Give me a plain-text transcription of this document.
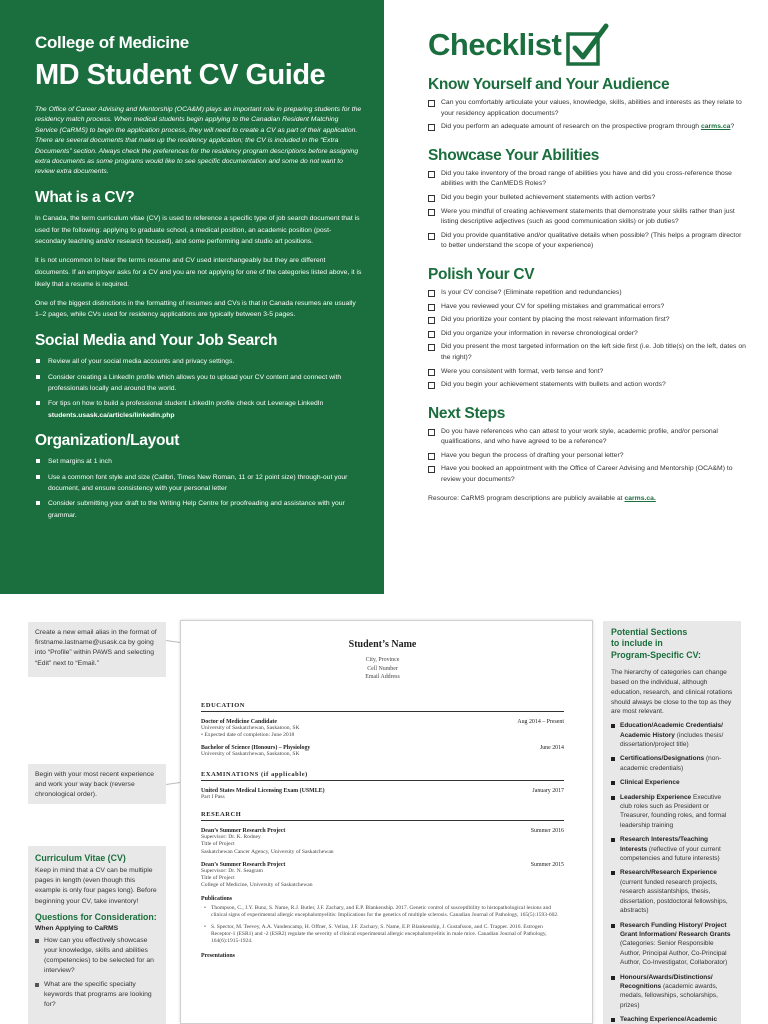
College of Medicine
MD Student CV Guide

The Office of Career Advising and Mentorship (OCA&M) plays an important role in preparing students for the residency match process. When medical students begin applying to the Canadian Resident Matching Service (CaRMS) to begin the application process, they will need to create a CV as part of their application. There are several documents that make up the residency application; the CV is included in the “Extra Documents” section. Always check the preferences for the residency program descriptions before assigning extra documents as some programs would like to see specific documentation and some do not want to review extra documents.

What is a CV?

In Canada, the term curriculum vitae (CV) is used to reference a specific type of job search document that is used for the following: applying to graduate school, a medical position, an academic position (post-secondary teaching and/or research focused), and some performing and studio art positions.

It is not uncommon to hear the terms resume and CV used interchangeably but they are different documents. If an employer asks for a CV and you are not applying for one of the categories listed above, it is likely that a resume is required.

One of the biggest distinctions in the formatting of resumes and CVs is that in Canada resumes are usually 1–2 pages, while CVs used for residency applications are typically between 3-5 pages.

Social Media and Your Job Search
Review all of your social media accounts and privacy settings.
Consider creating a LinkedIn profile which allows you to upload your CV content and connect with professionals locally and around the world.
For tips on how to build a professional student LinkedIn profile check out Leverage LinkedIn students.usask.ca/articles/linkedin.php
Organization/Layout
Set margins at 1 inch
Use a common font style and size (Calibri, Times New Roman, 11 or 12 point size) through-out your document, and ensure consistency with your personal letter
Consider submitting your draft to the Writing Help Centre for proofreading and assistance with your grammar.
Checklist
Know Yourself and Your Audience
Can you comfortably articulate your values, knowledge, skills, abilities and interests as they relate to your residency application documents?
Did you perform an adequate amount of research on the prospective program through carms.ca?
Showcase Your Abilities
Did you take inventory of the broad range of abilities you have and did you cross-reference those abilities with the CanMEDS Roles?
Did you begin your bulleted achievement statements with action verbs?
Were you mindful of creating achievement statements that demonstrate your skills rather than just listing descriptive adjectives (such as good communication skills) or job duties?
Did you provide quantitative and/or qualitative details when possible? (This helps a program director to better understand the scope of your experience)
Polish Your CV
Is your CV concise? (Eliminate repetition and redundancies)
Have you reviewed your CV for spelling mistakes and grammatical errors?
Did you prioritize your content by placing the most relevant information first?
Did you organize your information in reverse chronological order?
Did you present the most targeted information on the left side first (i.e. Job title(s) on the left, dates on the right)?
Were you consistent with format, verb tense and font?
Did you begin your achievement statements with bullets and action words?
Next Steps
Do you have references who can attest to your work style, academic profile, and/or personal qualifications, and who have agreed to be a reference?
Have you begun the process of drafting your personal letter?
Have you booked an appointment with the Office of Career Advising and Mentorship (OCA&M) to review your documents?
Resource: CaRMS program descriptions are publicly available at carms.ca.
Create a new email alias in the format of firstname.lastname@usask.ca by going into “Profile” within PAWS and selecting “Edit” next to “Email.”
Begin with your most recent experience and work your way back (reverse chronological order).
Curriculum Vitae (CV)

Keep in mind that a CV can be multiple pages in length (even though this example is only four pages long). Before beginning your CV, take inventory!

Questions for Consideration:
When Applying to CaRMS
How can you effectively showcase your knowledge, skills and abilities (competencies) to be selected for an interview?
What are the specific specialty keywords that programs are looking for?
Student’s Name
City, Province
Cell Number
Email Address
EDUCATION
Doctor of Medicine Candidate	Aug 2014 – Present
University of Saskatchewan, Saskatoon, SK
• Expected date of completion: June 2018
Bachelor of Science (Honours) – Physiology	June 2014
University of Saskatchewan, Saskatoon, SK
EXAMINATIONS (if applicable)
United States Medical Licensing Exam (USMLE)	January 2017
Part I Pass
RESEARCH
Dean’s Summer Research Project	Summer 2016
Supervisor: Dr. K. Rodney
Title of Project
Saskatchewan Cancer Agency, University of Saskatchewan
Dean’s Summer Research Project	Summer 2015
Supervisor: Dr. N. Seagram
Title of Project
College of Medicine, University of Saskatchewan
Publications
• Thompson, C., J.Y. Bunz, S. Name, R.J. Butler, J.F. Zachary, and E.P. Blankenship. 2017. Genetic control of susceptibility to histopathological lesions and clinical signs of experimental allergic encephalomyelitis: Implications for the genetics of multiple sclerosis. Canadian Journal of Pathology, 165(5):1593-602.
• S. Spector, M. Teevey, A.A. Vandencamp, H. Offner, S. Vellan, J.F. Zachary, S. Name, E.P. Blankenship, J. Gustafsson, and C. Trapper. 2016. Estrogen Receptor-1 (ESR1) and -2 (ESR2) regulate the severity of clinical experimental allergic encephalomyelitis in male mice. Canadian Journal of Pathology, 164(6):1915-1924.
Presentations
Potential Sections
to include in
Program-Specific CV:

The hierarchy of categories can change based on the individual, although education, research, and clinical rotations should always be close to the top as they are most relevant.

Education/Academic Credentials/ Academic History (includes thesis/ dissertation/project title)
Certifications/Designations (non-academic credentials)
Clinical Experience
Leadership Experience Executive club roles such as President or Treasurer, founding roles, and formal leadership training
Research Interests/Teaching Interests (reflective of your current competencies and future interests)
Research/Research Experience (current funded research projects, research assistantships, thesis, dissertation, postdoctoral fellowships, abstracts)
Research Funding History/ Project Grant Information/ Research Grants (Categories: Senior Responsible Author, Principal Author, Co-Principal Author, Co-Investigator, Collaborator)
Honours/Awards/Distinctions/ Recognitions (academic awards, medals, fellowships, scholarships, prizes)
Teaching Experience/Academic
